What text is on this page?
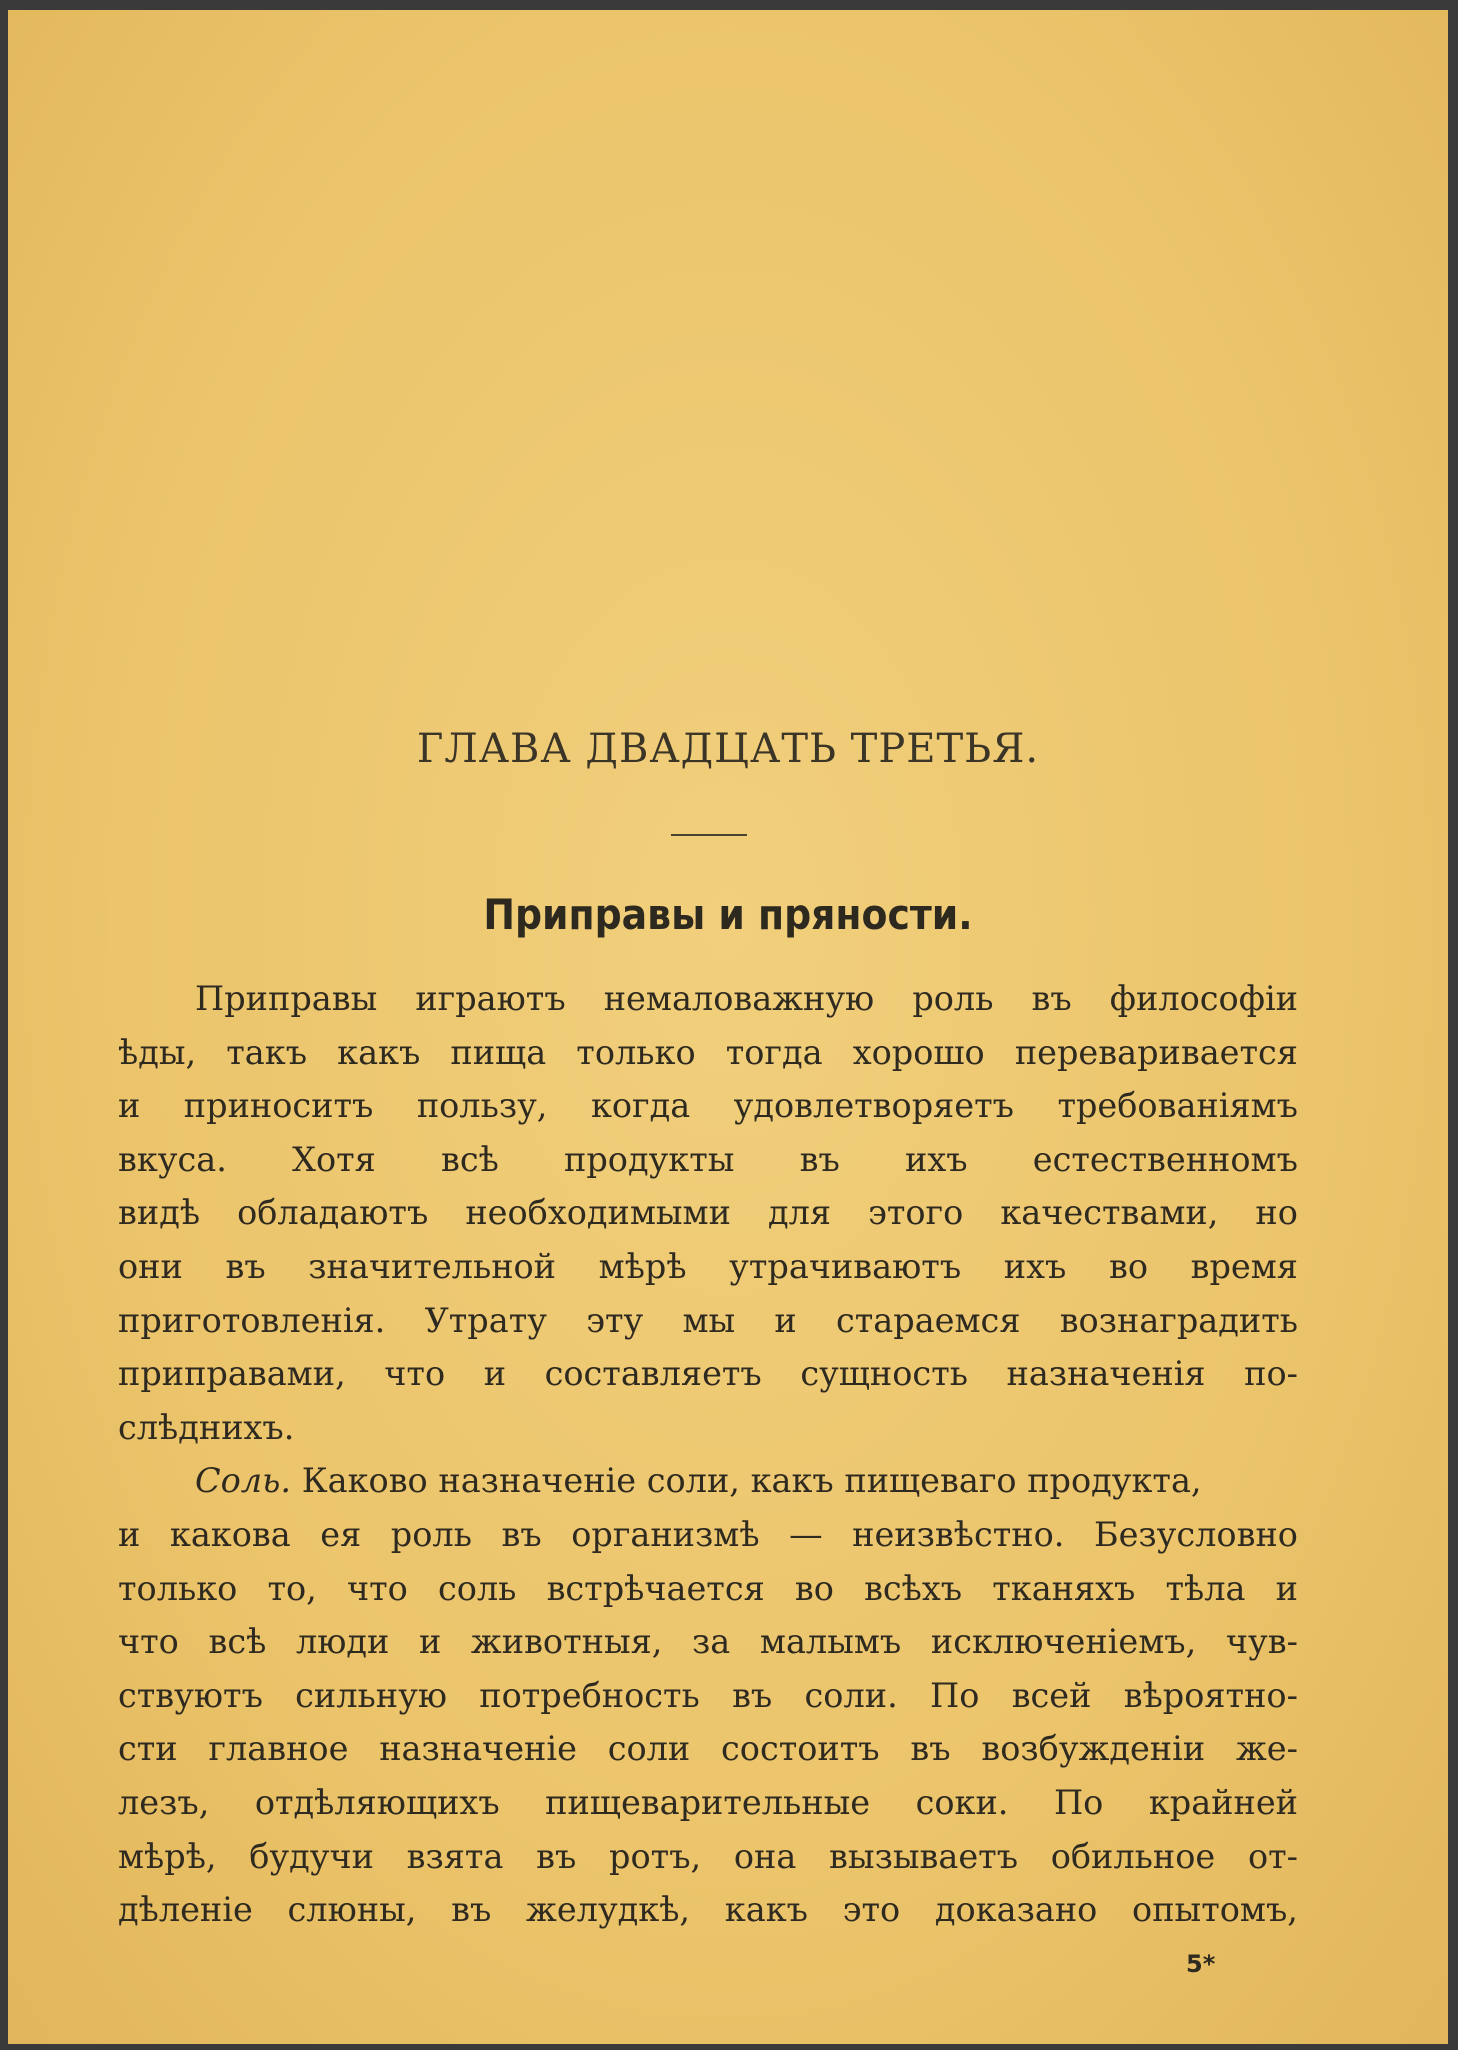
ГЛАВА ДВАДЦАТЬ ТРЕТЬЯ.
Приправы и пряности.
Приправы играютъ немаловажную роль въ философіи
ѣды, такъ какъ пища только тогда хорошо переваривается
и приноситъ пользу, когда удовлетворяетъ требованіямъ
вкуса. Хотя всѣ продукты въ ихъ естественномъ
видѣ обладаютъ необходимыми для этого качествами, но
они въ значительной мѣрѣ утрачиваютъ ихъ во время
приготовленія. Утрату эту мы и стараемся вознаградить
приправами, что и составляетъ сущность назначенія по-
слѣднихъ.
Соль. Каково назначеніе соли, какъ пищеваго продукта,
и какова ея роль въ организмѣ — неизвѣстно. Безусловно
только то, что соль встрѣчается во всѣхъ тканяхъ тѣла и
что всѣ люди и животныя, за малымъ исключеніемъ, чув-
ствуютъ сильную потребность въ соли. По всей вѣроятно-
сти главное назначеніе соли состоитъ въ возбужденіи же-
лезъ, отдѣляющихъ пищеварительные соки. По крайней
мѣрѣ, будучи взята въ ротъ, она вызываетъ обильное от-
дѣленіе слюны, въ желудкѣ, какъ это доказано опытомъ,
5*
